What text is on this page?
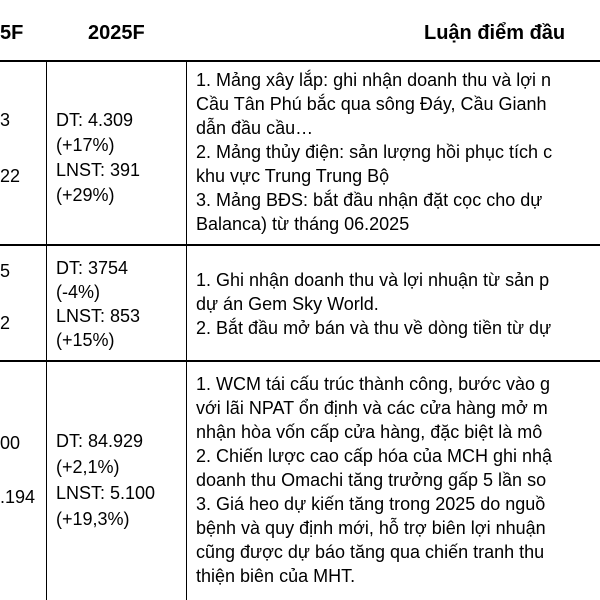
5F	2025F	Luận điểm đầu
3

22
DT: 4.309
(+17%)
LNST: 391
(+29%)
1. Mảng xây lắp: ghi nhận doanh thu và lợi n
Cầu Tân Phú bắc qua sông Đáy, Cầu Gianh
dẫn đầu cầu…
2. Mảng thủy điện: sản lượng hồi phục tích c
khu vực Trung Trung Bộ
3. Mảng BĐS: bắt đầu nhận đặt cọc cho dự
Balanca) từ tháng 06.2025
5

2
DT: 3754
(-4%)
LNST: 853
(+15%)
1. Ghi nhận doanh thu và lợi nhuận từ sản p
dự án Gem Sky World.
2. Bắt đầu mở bán và thu về dòng tiền từ dự
00

.194
DT: 84.929
(+2,1%)
LNST: 5.100
(+19,3%)
1. WCM tái cấu trúc thành công, bước vào g
với lãi NPAT ổn định và các cửa hàng mở m
nhận hòa vốn cấp cửa hàng, đặc biệt là mô
2. Chiến lược cao cấp hóa của MCH ghi nhậ
doanh thu Omachi tăng trưởng gấp 5 lần so
3. Giá heo dự kiến tăng trong 2025 do nguồ
bệnh và quy định mới, hỗ trợ biên lợi nhuận
cũng được dự báo tăng qua chiến tranh thu
thiện biên của MHT.
